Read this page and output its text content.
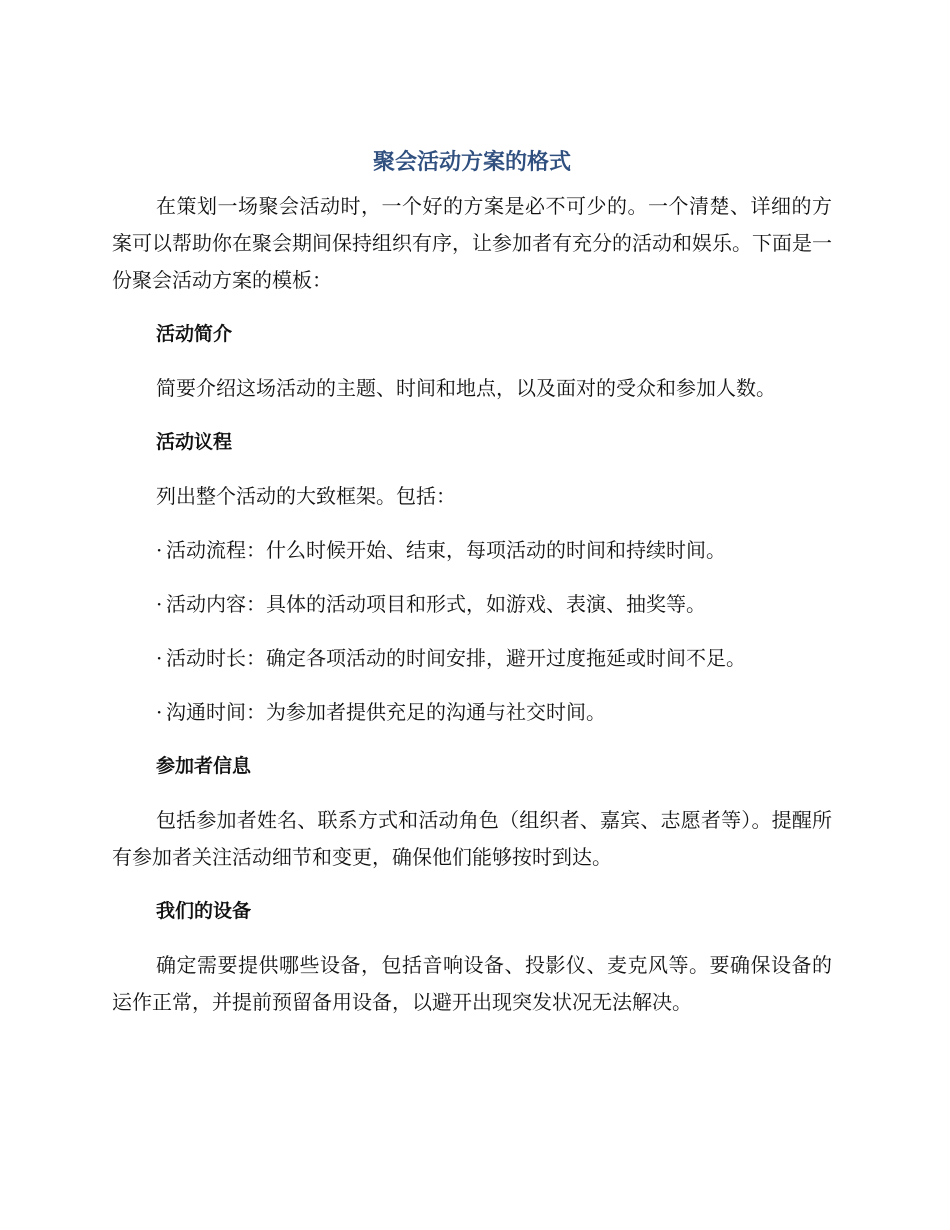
聚会活动方案的格式

在策划一场聚会活动时，一个好的方案是必不可少的。一个清楚、详细的方案可以帮助你在聚会期间保持组织有序，让参加者有充分的活动和娱乐。下面是一份聚会活动方案的模板：

活动简介

简要介绍这场活动的主题、时间和地点，以及面对的受众和参加人数。

活动议程

列出整个活动的大致框架。包括：

· 活动流程：什么时候开始、结束，每项活动的时间和持续时间。
· 活动内容：具体的活动项目和形式，如游戏、表演、抽奖等。
· 活动时长：确定各项活动的时间安排，避开过度拖延或时间不足。
· 沟通时间：为参加者提供充足的沟通与社交时间。
参加者信息

包括参加者姓名、联系方式和活动角色（组织者、嘉宾、志愿者等）。提醒所有参加者关注活动细节和变更，确保他们能够按时到达。

我们的设备

确定需要提供哪些设备，包括音响设备、投影仪、麦克风等。要确保设备的运作正常，并提前预留备用设备，以避开出现突发状况无法解决。
